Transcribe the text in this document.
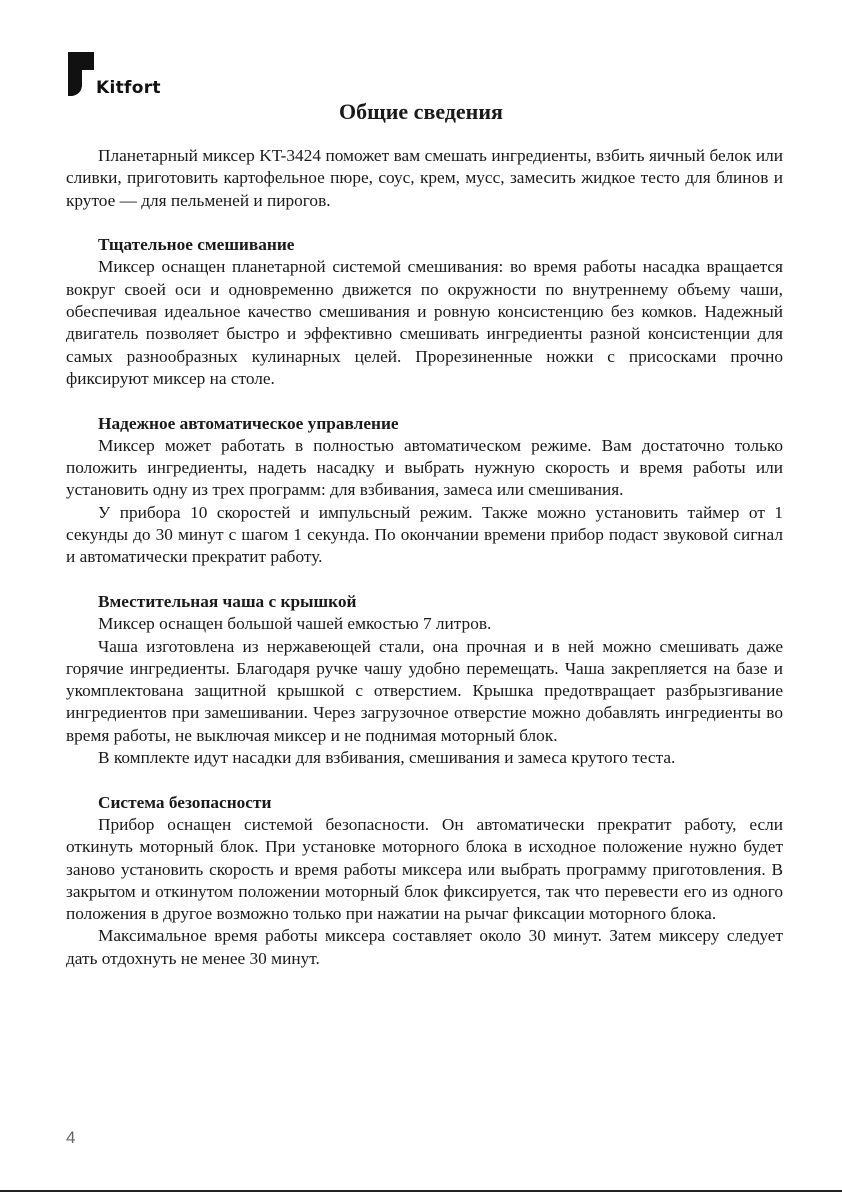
Kitfort
Общие сведения

Планетарный миксер KT-3424 поможет вам смешать ингредиенты, взбить яичный белок или сливки, приготовить картофельное пюре, соус, крем, мусс, замесить жидкое тесто для блинов и крутое — для пельменей и пирогов.

Тщательное смешивание

Миксер оснащен планетарной системой смешивания: во время работы насадка вращается вокруг своей оси и одновременно движется по окружности по внутреннему объему чаши, обеспечивая идеальное качество смешивания и ровную консистенцию без комков. Надежный двигатель позволяет быстро и эффективно смешивать ингредиенты разной консистенции для самых разнообразных кулинарных целей. Прорезиненные ножки с присосками прочно фиксируют миксер на столе.

Надежное автоматическое управление

Миксер может работать в полностью автоматическом режиме. Вам достаточно только положить ингредиенты, надеть насадку и выбрать нужную скорость и время работы или установить одну из трех программ: для взбивания, замеса или смешивания.

У прибора 10 скоростей и импульсный режим. Также можно установить таймер от 1 секунды до 30 минут с шагом 1 секунда. По окончании времени прибор подаст звуковой сигнал и автоматически прекратит работу.

Вместительная чаша с крышкой

Миксер оснащен большой чашей емкостью 7 литров.

Чаша изготовлена из нержавеющей стали, она прочная и в ней можно смешивать даже горячие ингредиенты. Благодаря ручке чашу удобно перемещать. Чаша закрепляется на базе и укомплектована защитной крышкой с отверстием. Крышка предотвращает разбрызгивание ингредиентов при замешивании. Через загрузочное отверстие можно добавлять ингредиенты во время работы, не выключая миксер и не поднимая моторный блок.

В комплекте идут насадки для взбивания, смешивания и замеса крутого теста.

Система безопасности

Прибор оснащен системой безопасности. Он автоматически прекратит работу, если откинуть моторный блок. При установке моторного блока в исходное положение нужно будет заново установить скорость и время работы миксера или выбрать программу приготовления. В закрытом и откинутом положении моторный блок фиксируется, так что перевести его из одного положения в другое возможно только при нажатии на рычаг фиксации моторного блока.

Максимальное время работы миксера составляет около 30 минут. Затем миксеру следует дать отдохнуть не менее 30 минут.

4
